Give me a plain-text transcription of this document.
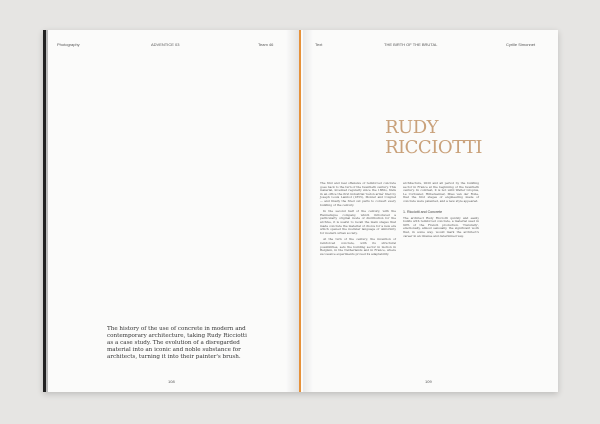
Photography	ADVENTICE 03	Team 46

The history of the use of concrete in modern and contemporary architecture, taking Rudy Ricciotti as a case study. The evolution of a disregarded material into an iconic and noble substance for architects, turning it into their painter's brush.

108
Text	THE BIRTH OF THE BRUTAL	Cyrille Simonnet
RUDY
RICCIOTTI

The first and real offensive of reinforced concrete goes back to the turn of the twentieth century. This material, invented regularly since the 1860s, finds in an office the first industrial 'béton armé' filed by Joseph Louis Lambot (1855), Monier and Coignet — and finally the fired out parts to convert every building of the century.

In the second half of the century, with the Hennebique company, which introduced a particularly original mode of distribution for the archive, it is useful to recall the main stages that made concrete the material of choice for a new era which opened the modular language of uniformity for modern urban society.

At the turn of the century, the invention of reinforced concrete, with its structural possibilities, sets the building sector in motion in Belgium, in the Netherlands and in France, where successive experiments proved its adaptability.

architecture, 2020 and all period by the building sector in France at the beginning of the twentieth century. In contrast, it is not until Walter Gropius, Le Corbusier, Hilberseimer, Mies van der Rohe, that the first stages of engineering made of concrete were patented, and a new style appeared.

1. Ricciotti and Concrete

The architect Rudy Ricciotti quickly and easily builds with reinforced concrete, a material used in 90% of the French production. 'Naturally', emotionally, almost sensually, the significant work that, in some way, would mark the architect's career in an intense and determined way.

109
